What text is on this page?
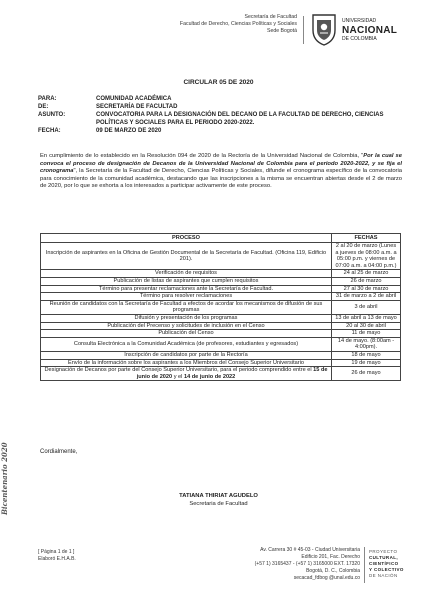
Secretaría de Facultad
Facultad de Derecho, Ciencias Políticas y Sociales
Sede Bogotá
UNIVERSIDAD
NACIONAL
DE COLOMBIA
CIRCULAR 05 DE 2020
PARA:	COMUNIDAD ACADÉMICA
DE:	SECRETARÍA DE FACULTAD
ASUNTO:	CONVOCATORIA PARA LA DESIGNACIÓN DEL DECANO DE LA FACULTAD DE DERECHO, CIENCIAS POLÍTICAS Y SOCIALES PARA EL PERIODO 2020-2022.
FECHA:	09 DE MARZO DE 2020
En cumplimiento de lo establecido en la Resolución 094 de 2020 de la Rectoría de la Universidad Nacional de Colombia, "Por la cual se convoca el proceso de designación de Decanos de la Universidad Nacional de Colombia para el periodo 2020-2022, y se fija el cronograma", la Secretaría de la Facultad de Derecho, Ciencias Políticas y Sociales, difunde el cronograma específico de la convocatoria para conocimiento de la comunidad académica, destacando que las inscripciones a la misma se encuentran abiertas desde el 2 de marzo de 2020, por lo que se exhorta a los interesados a participar activamente de este proceso.
PROCESO	FECHAS
Inscripción de aspirantes en la Oficina de Gestión Documental de la Secretaría de Facultad. (Oficina 119, Edificio 201).	2 al 20 de marzo (Lunes a jueves de 08:00 a.m. a 05:00 p.m. y viernes de 07:00 a.m. a 04:00 p.m.)
Verificación de requisitos	24 al 25 de marzo
Publicación de listas de aspirantes que cumplen requisitos	26 de marzo
Término para presentar reclamaciones ante la Secretaría de Facultad.	27 al 30 de marzo
Término para resolver reclamaciones	31 de marzo a 2 de abril
Reunión de candidatos con la Secretaría de Facultad a efectos de acordar los mecanismos de difusión de sus programas	3 de abril
Difusión y presentación de los programas	13 de abril a 13 de mayo
Publicación del Precenso y solicitudes de inclusión en el Censo	20 al 30 de abril
Publicación del Censo	11 de mayo
Consulta Electrónica a la Comunidad Académica (de profesores, estudiantes y egresados)	14 de mayo. (8:00am - 4:00pm).
Inscripción de candidatos por parte de la Rectoría	18 de mayo
Envío de la información sobre los aspirantes a los Miembros del Consejo Superior Universitario	19 de mayo
Designación de Decanos por parte del Consejo Superior Universitario, para el periodo comprendido entre el 15 de junio de 2020 y el 14 de junio de 2022	26 de mayo
Cordialmente,
TATIANA THIRIAT AGUDELO
Secretaria de Facultad
Bicentenario 2020
[ Página 1 de 1 ]
Elaboró E.H.A.B.
Av. Carrera 30 # 45-03 - Ciudad Universitaria
Edificio 201, Fac. Derecho
(+57 1) 3165437 - (+57 1) 3165000 EXT. 17320
Bogotá, D. C., Colombia
secacad_fdbog @unal.edu.co
PROYECTO
CULTURAL,
CIENTÍFICO
Y COLECTIVO
DE NACIÓN
